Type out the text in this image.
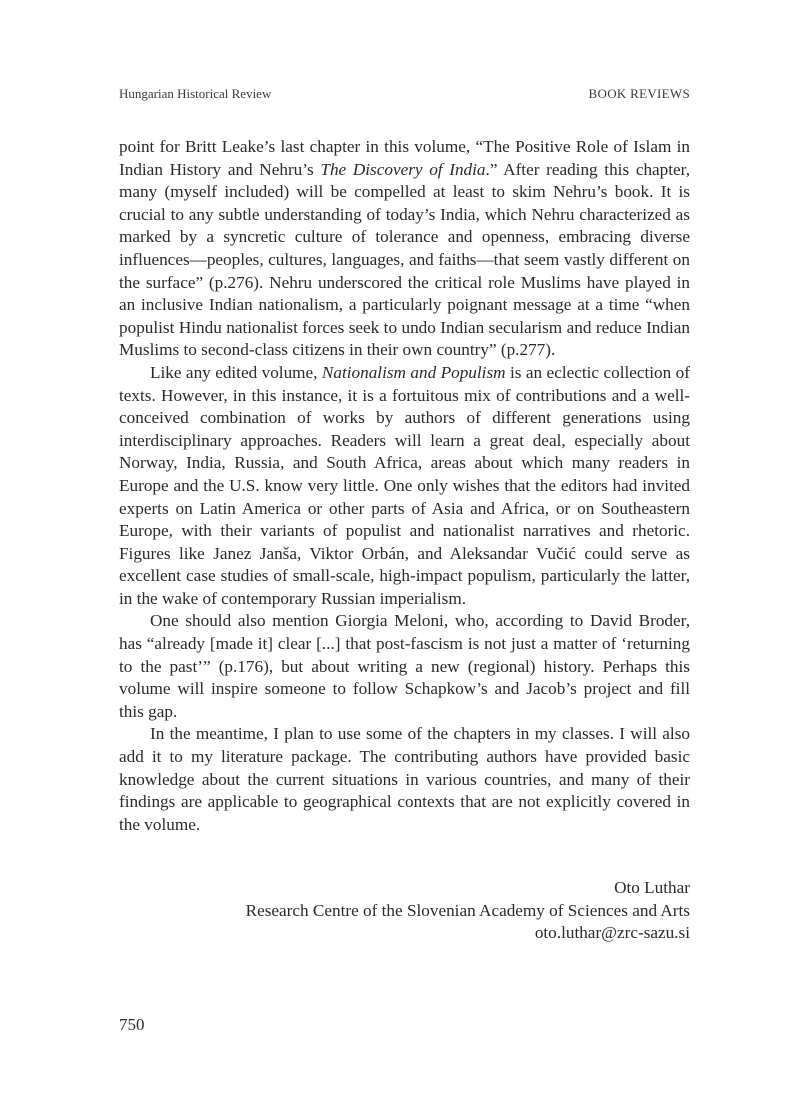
Hungarian Historical Review	BOOK REVIEWS

point for Britt Leake’s last chapter in this volume, “The Positive Role of Islam in Indian History and Nehru’s The Discovery of India.” After reading this chapter, many (myself included) will be compelled at least to skim Nehru’s book. It is crucial to any subtle understanding of today’s India, which Nehru characterized as marked by a syncretic culture of tolerance and openness, embracing diverse influences—peoples, cultures, languages, and faiths—that seem vastly different on the surface” (p.276). Nehru underscored the critical role Muslims have played in an inclusive Indian nationalism, a particularly poignant message at a time “when populist Hindu nationalist forces seek to undo Indian secularism and reduce Indian Muslims to second-class citizens in their own country” (p.277).

Like any edited volume, Nationalism and Populism is an eclectic collection of texts. However, in this instance, it is a fortuitous mix of contributions and a well-conceived combination of works by authors of different generations using interdisciplinary approaches. Readers will learn a great deal, especially about Norway, India, Russia, and South Africa, areas about which many readers in Europe and the U.S. know very little. One only wishes that the editors had invited experts on Latin America or other parts of Asia and Africa, or on Southeastern Europe, with their variants of populist and nationalist narratives and rhetoric. Figures like Janez Janša, Viktor Orbán, and Aleksandar Vučić could serve as excellent case studies of small-scale, high-impact populism, particularly the latter, in the wake of contemporary Russian imperialism.

One should also mention Giorgia Meloni, who, according to David Broder, has “already [made it] clear [...] that post-fascism is not just a matter of ‘returning to the past’” (p.176), but about writing a new (regional) history. Perhaps this volume will inspire someone to follow Schapkow’s and Jacob’s project and fill this gap.

In the meantime, I plan to use some of the chapters in my classes. I will also add it to my literature package. The contributing authors have provided basic knowledge about the current situations in various countries, and many of their findings are applicable to geographical contexts that are not explicitly covered in the volume.

Oto Luthar
Research Centre of the Slovenian Academy of Sciences and Arts
oto.luthar@zrc-sazu.si
750
